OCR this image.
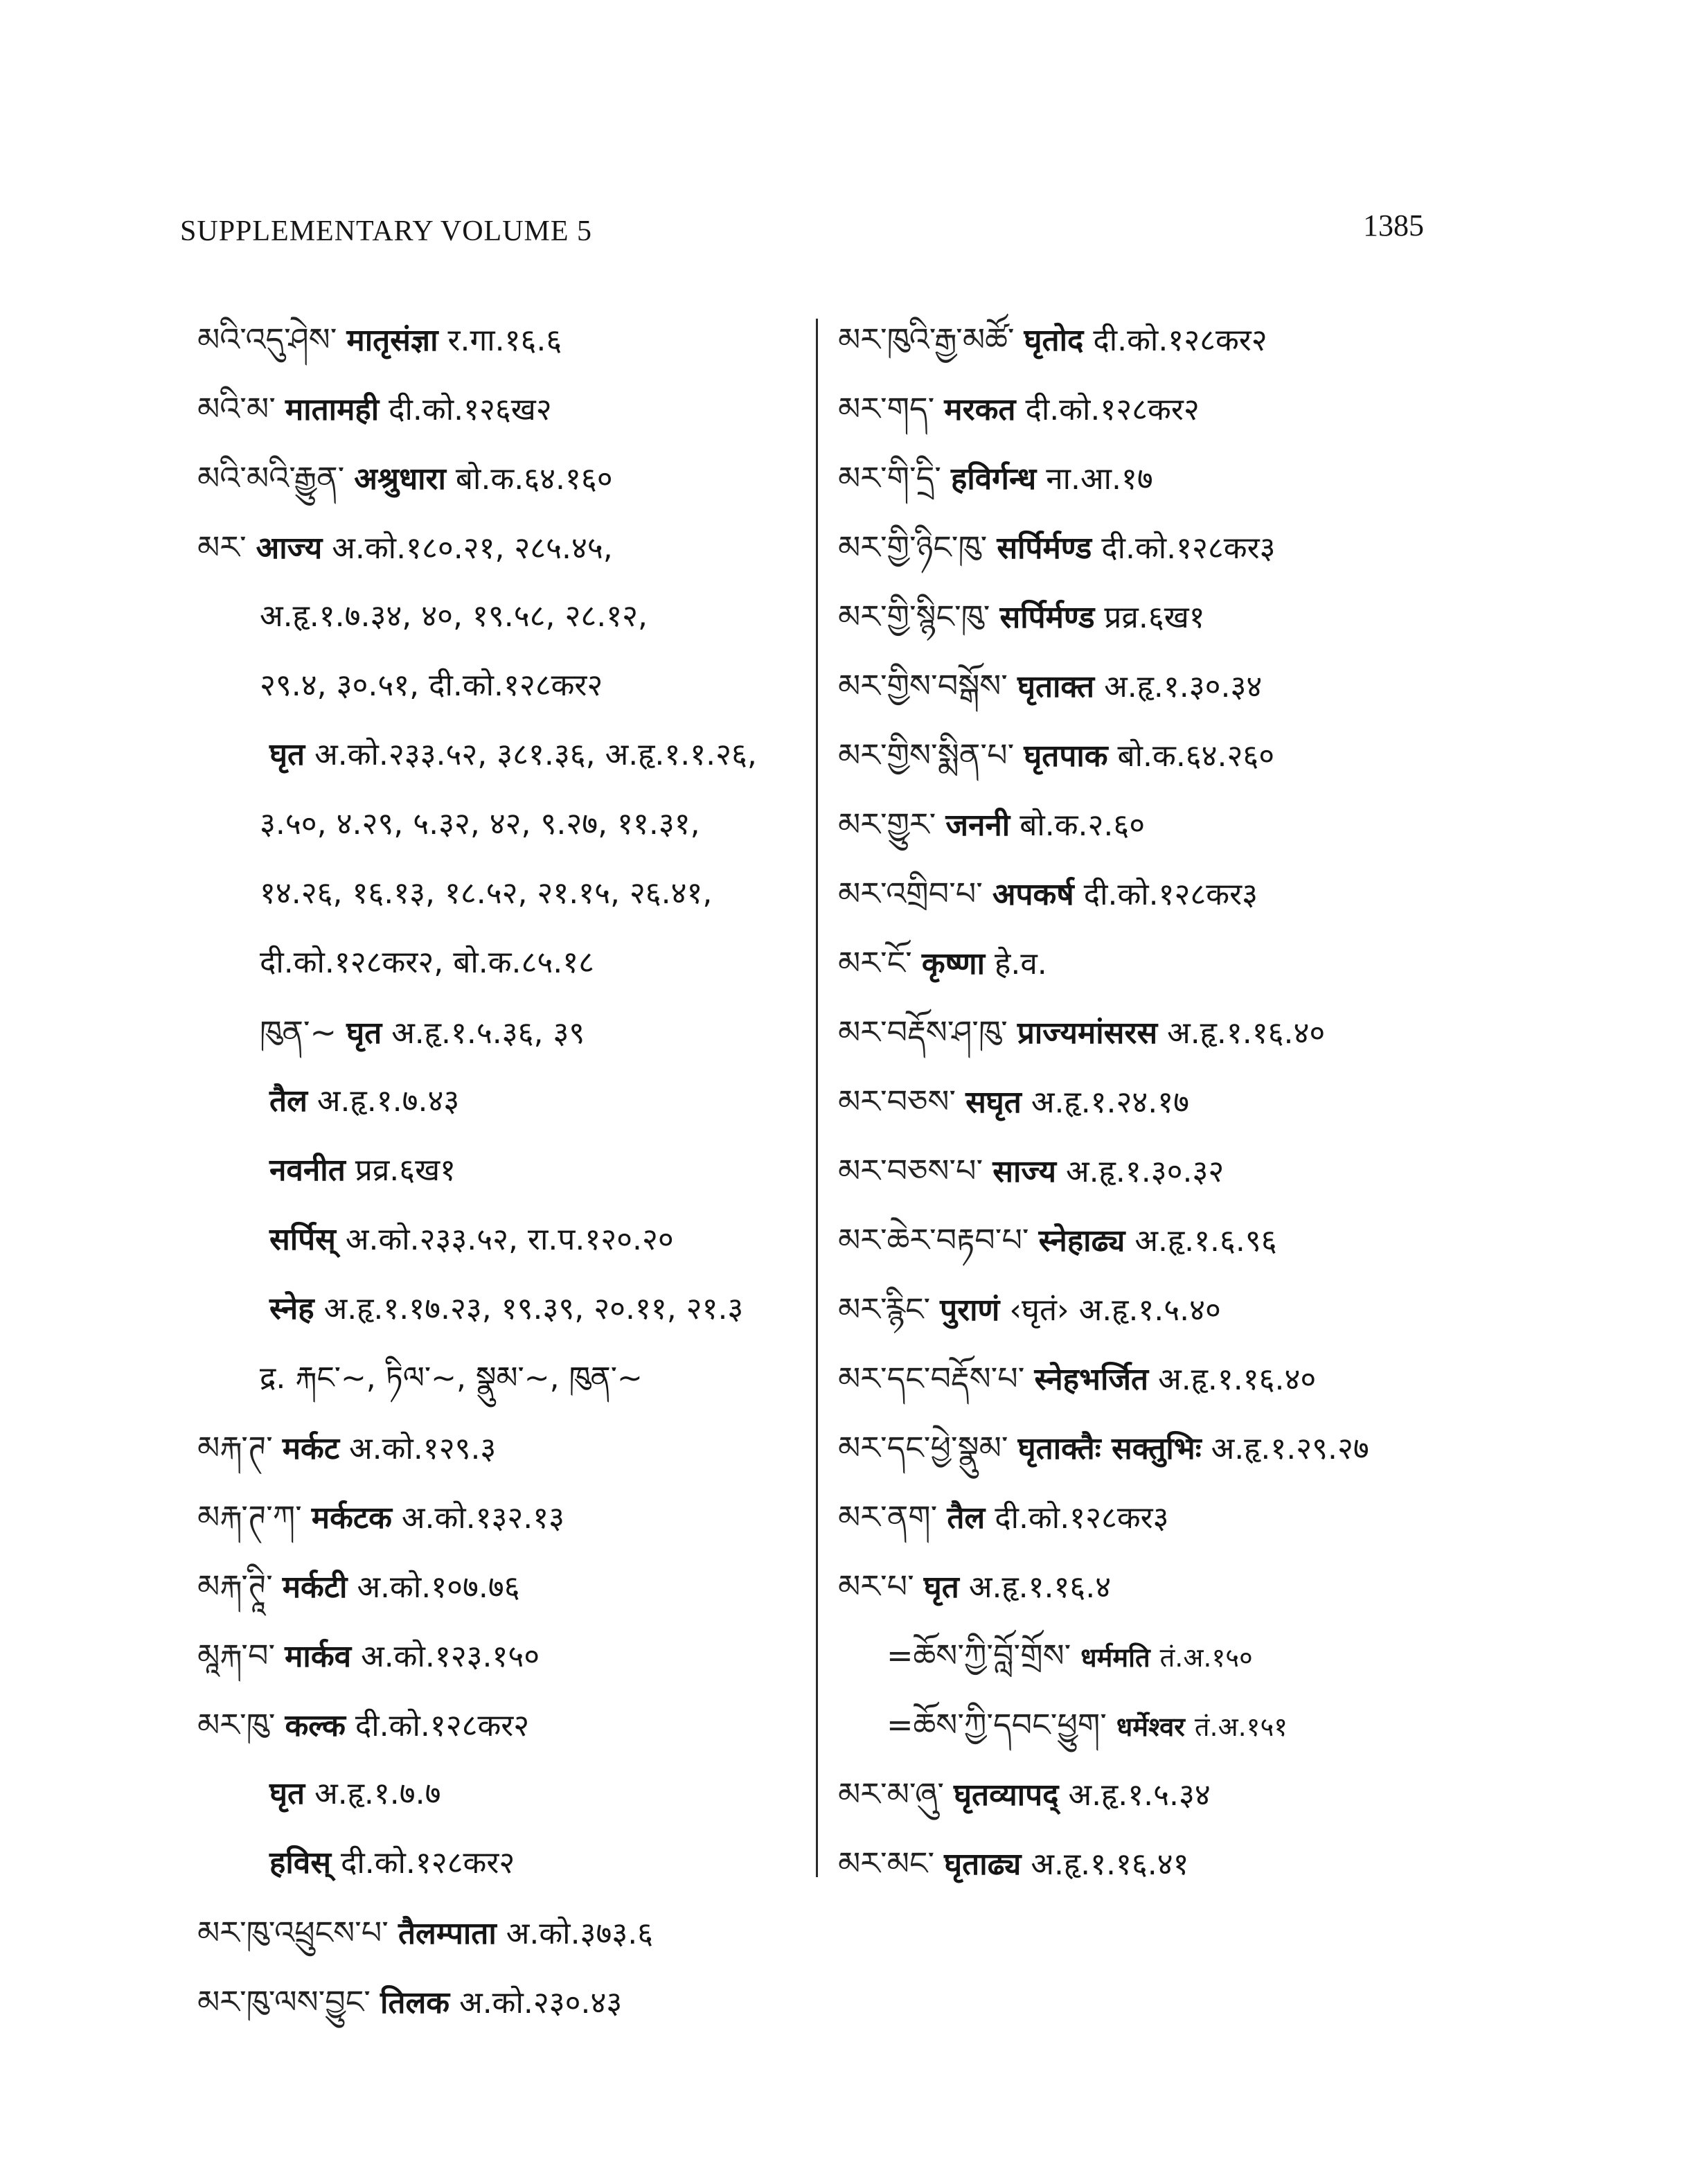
SUPPLEMENTARY VOLUME 5	1385
མའི་འདུ་ཤེས་ मातृसंज्ञा र.गा.१६.६
མའི་མ་ मातामही दी.को.१२६ख२
མའི་མའི་རྒྱུན་ अश्रुधारा बो.क.६४.१६०
མར་ आज्य अ.को.१८०.२१, २८५.४५,
अ.हृ.१.७.३४, ४०, १९.५८, २८.१२,
२९.४, ३०.५१, दी.को.१२८कर२
घृत अ.को.२३३.५२, ३८१.३६, अ.हृ.१.१.२६,
३.५०, ४.२९, ५.३२, ४२, ९.२७, ११.३१,
१४.२६, १६.१३, १८.५२, २१.१५, २६.४१,
दी.को.१२८कर२, बो.क.८५.१८
ཁུན་~ घृत अ.हृ.१.५.३६, ३९
तैल अ.हृ.१.७.४३
नवनीत प्रव्र.६ख१
सर्पिस् अ.को.२३३.५२, रा.प.१२०.२०
स्नेह अ.हृ.१.१७.२३, १९.३९, २०.११, २१.३
द्र. རྐང་~, ཏིལ་~, སྣུམ་~, ཁུན་~
མརྐ་ཊ་ मर्कट अ.को.१२९.३
མརྐ་ཊ་ཀ་ मर्कटक अ.को.१३२.१३
མརྐ་ཊཱི་ मर्कटी अ.को.१०७.७६
མཱརྐ་བ་ मार्कव अ.को.१२३.१५०
མར་ཁུ་ कल्क दी.को.१२८कर२
घृत अ.हृ.१.७.७
हविस् दी.को.१२८कर२
མར་ཁུ་འཕྲུངས་པ་ तैलम्पाता अ.को.३७३.६
མར་ཁུ་ལས་བྱུང་ तिलक अ.को.२३०.४३
མར་ཁུའི་རྒྱ་མཚོ་ घृतोद दी.को.१२८कर२
མར་གད་ मरकत दी.को.१२८कर२
མར་གི་དྲི་ हविर्गन्ध ना.आ.१७
མར་གྱི་ཉིང་ཁུ་ सर्पिर्मण्ड दी.को.१२८कर३
མར་གྱི་སྙིང་ཁུ་ सर्पिर्मण्ड प्रव्र.६ख१
མར་གྱིས་བསྒོས་ घृताक्त अ.हृ.१.३०.३४
མར་གྱིས་སྨིན་པ་ घृतपाक बो.क.६४.२६०
མར་གྱུར་ जननी बो.क.२.६०
མར་འགྲིབ་པ་ अपकर्ष दी.को.१२८कर३
མར་ངོ་ कृष्णा हे.व.
མར་བརྡོས་ཤ་ཁུ་ प्राज्यमांसरस अ.हृ.१.१६.४०
མར་བཅས་ सघृत अ.हृ.१.२४.१७
མར་བཅས་པ་ साज्य अ.हृ.१.३०.३२
མར་ཆེར་བརྟབ་པ་ स्नेहाढ्य अ.हृ.१.६.९६
མར་རྙིང་ पुराणं ‹घृतं› अ.हृ.१.५.४०
མར་དང་བརྡོས་པ་ स्नेहभर्जित अ.हृ.१.१६.४०
མར་དང་ཕྱེ་སྣུམ་ घृताक्तैः सक्तुभिः अ.हृ.१.२९.२७
མར་ནག་ तैल दी.को.१२८कर३
མར་པ་ घृत अ.हृ.१.१६.४
=ཆོས་ཀྱི་བློ་གྲོས་ धर्ममति तं.अ.१५०
=ཆོས་ཀྱི་དབང་ཕྱུག་ धर्मेश्वर तं.अ.१५१
མར་མ་ཞུ་ घृतव्यापद् अ.हृ.१.५.३४
མར་མང་ घृताढ्य अ.हृ.१.१६.४१
